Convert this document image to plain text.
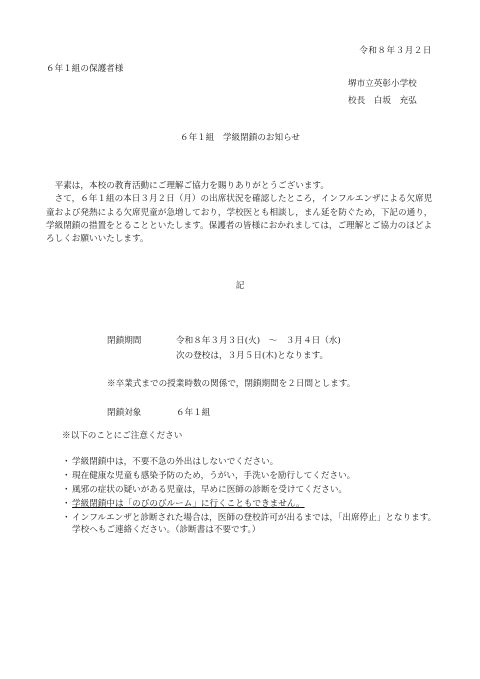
令和８年３月２日
６年１組の保護者様
堺市立英彰小学校
校長　白坂　充弘
６年１組　学級閉鎖のお知らせ

平素は，本校の教育活動にご理解ご協力を賜りありがとうございます。

さて，６年１組の本日３月２日（月）の出席状況を確認したところ，インフルエンザによる欠席児童および発熱による欠席児童が急増しており，学校医とも相談し，まん延を防ぐため，下記の通り，学級閉鎖の措置をとることといたします。保護者の皆様におかれましては，ご理解とご協力のほどよろしくお願いいたします。

記
閉鎖期間	令和８年３月３日(火)　～　３月４日（水)
次の登校は，３月５日(木)となります。
※卒業式までの授業時数の関係で，閉鎖期間を２日間とします。
閉鎖対象	６年１組
※以下のことにご注意ください
・ 学級閉鎖中は，不要不急の外出はしないでください。
・ 現在健康な児童も感染予防のため，うがい，手洗いを励行してください。
・ 風邪の症状の疑いがある児童は，早めに医師の診断を受けてください。
・ 学級閉鎖中は「のびのびルーム」に行くこともできません。
・ インフルエンザと診断された場合は，医師の登校許可が出るまでは，「出席停止」となります。学校へもご連絡ください。（診断書は不要です。）
